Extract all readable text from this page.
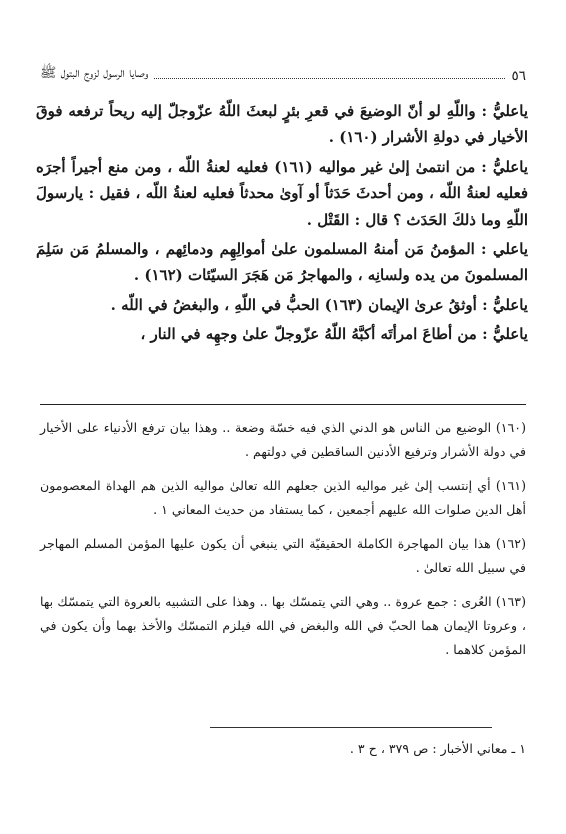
٥٦
وصايا الرسول لزوج البتول ﷺ

ياعليُّ : واللّهِ لو أنّ الوضيعَ في قعرِ بئرٍ لبعثَ اللّهُ عزّوجلّ إليه ريحاً ترفعه فوقَ الأخيار في دولةِ الأشرار (١٦٠) .

ياعليُّ : من انتمىٰ إلىٰ غير مواليه (١٦١) فعليه لعنةُ اللّه ، ومن منع أجيراً أجرَه فعليه لعنةُ اللّه ، ومن أحدثَ حَدَثاً أو آوىٰ محدثاً فعليه لعنةُ اللّه ، فقيل : يارسولَ اللّهِ وما ذلكَ الحَدَث ؟ قال : القَتْل .

ياعلي : المؤمنُ مَن أمنهُ المسلمون علىٰ أموالِهِم ودمائِهم ، والمسلمُ مَن سَلِمَ المسلمونَ من يده ولسانِه ، والمهاجرُ مَن هَجَرَ السيّئات (١٦٢) .

ياعليُّ : أوثقُ عرىٰ الإيمان (١٦٣) الحبُّ في اللّهِ ، والبغضُ في اللّه .

ياعليُّ : من أطاعَ امرأتَه أكبَّهُ اللّهُ عزّوجلّ علىٰ وجهِه في النار ،

(١٦٠) الوضيع من الناس هو الدني الذي فيه خسّة وضعة .. وهذا بيان ترفع الأدنياء على الأخيار في دولة الأشرار وترفيع الأدنين الساقطين في دولتهم .

(١٦١) أي إنتسب إلىٰ غير مواليه الذين جعلهم الله تعالىٰ مواليه الذين هم الهداة المعصومون أهل الدين صلوات الله عليهم أجمعين ، كما يستفاد من حديث المعاني ١ .

(١٦٢) هذا بيان المهاجرة الكاملة الحقيقيّة التي ينبغي أن يكون عليها المؤمن المسلم المهاجر في سبيل الله تعالىٰ .

(١٦٣) العُرى : جمع عروة .. وهي التي يتمسّك بها .. وهذا على التشبيه بالعروة التي يتمسّك بها ، وعروتا الإيمان هما الحبّ في الله والبغض في الله فيلزم التمسّك والأخذ بهما وأن يكون في المؤمن كلاهما .

١ ـ معاني الأخبار : ص ٣٧٩ ، ح ٣ .
